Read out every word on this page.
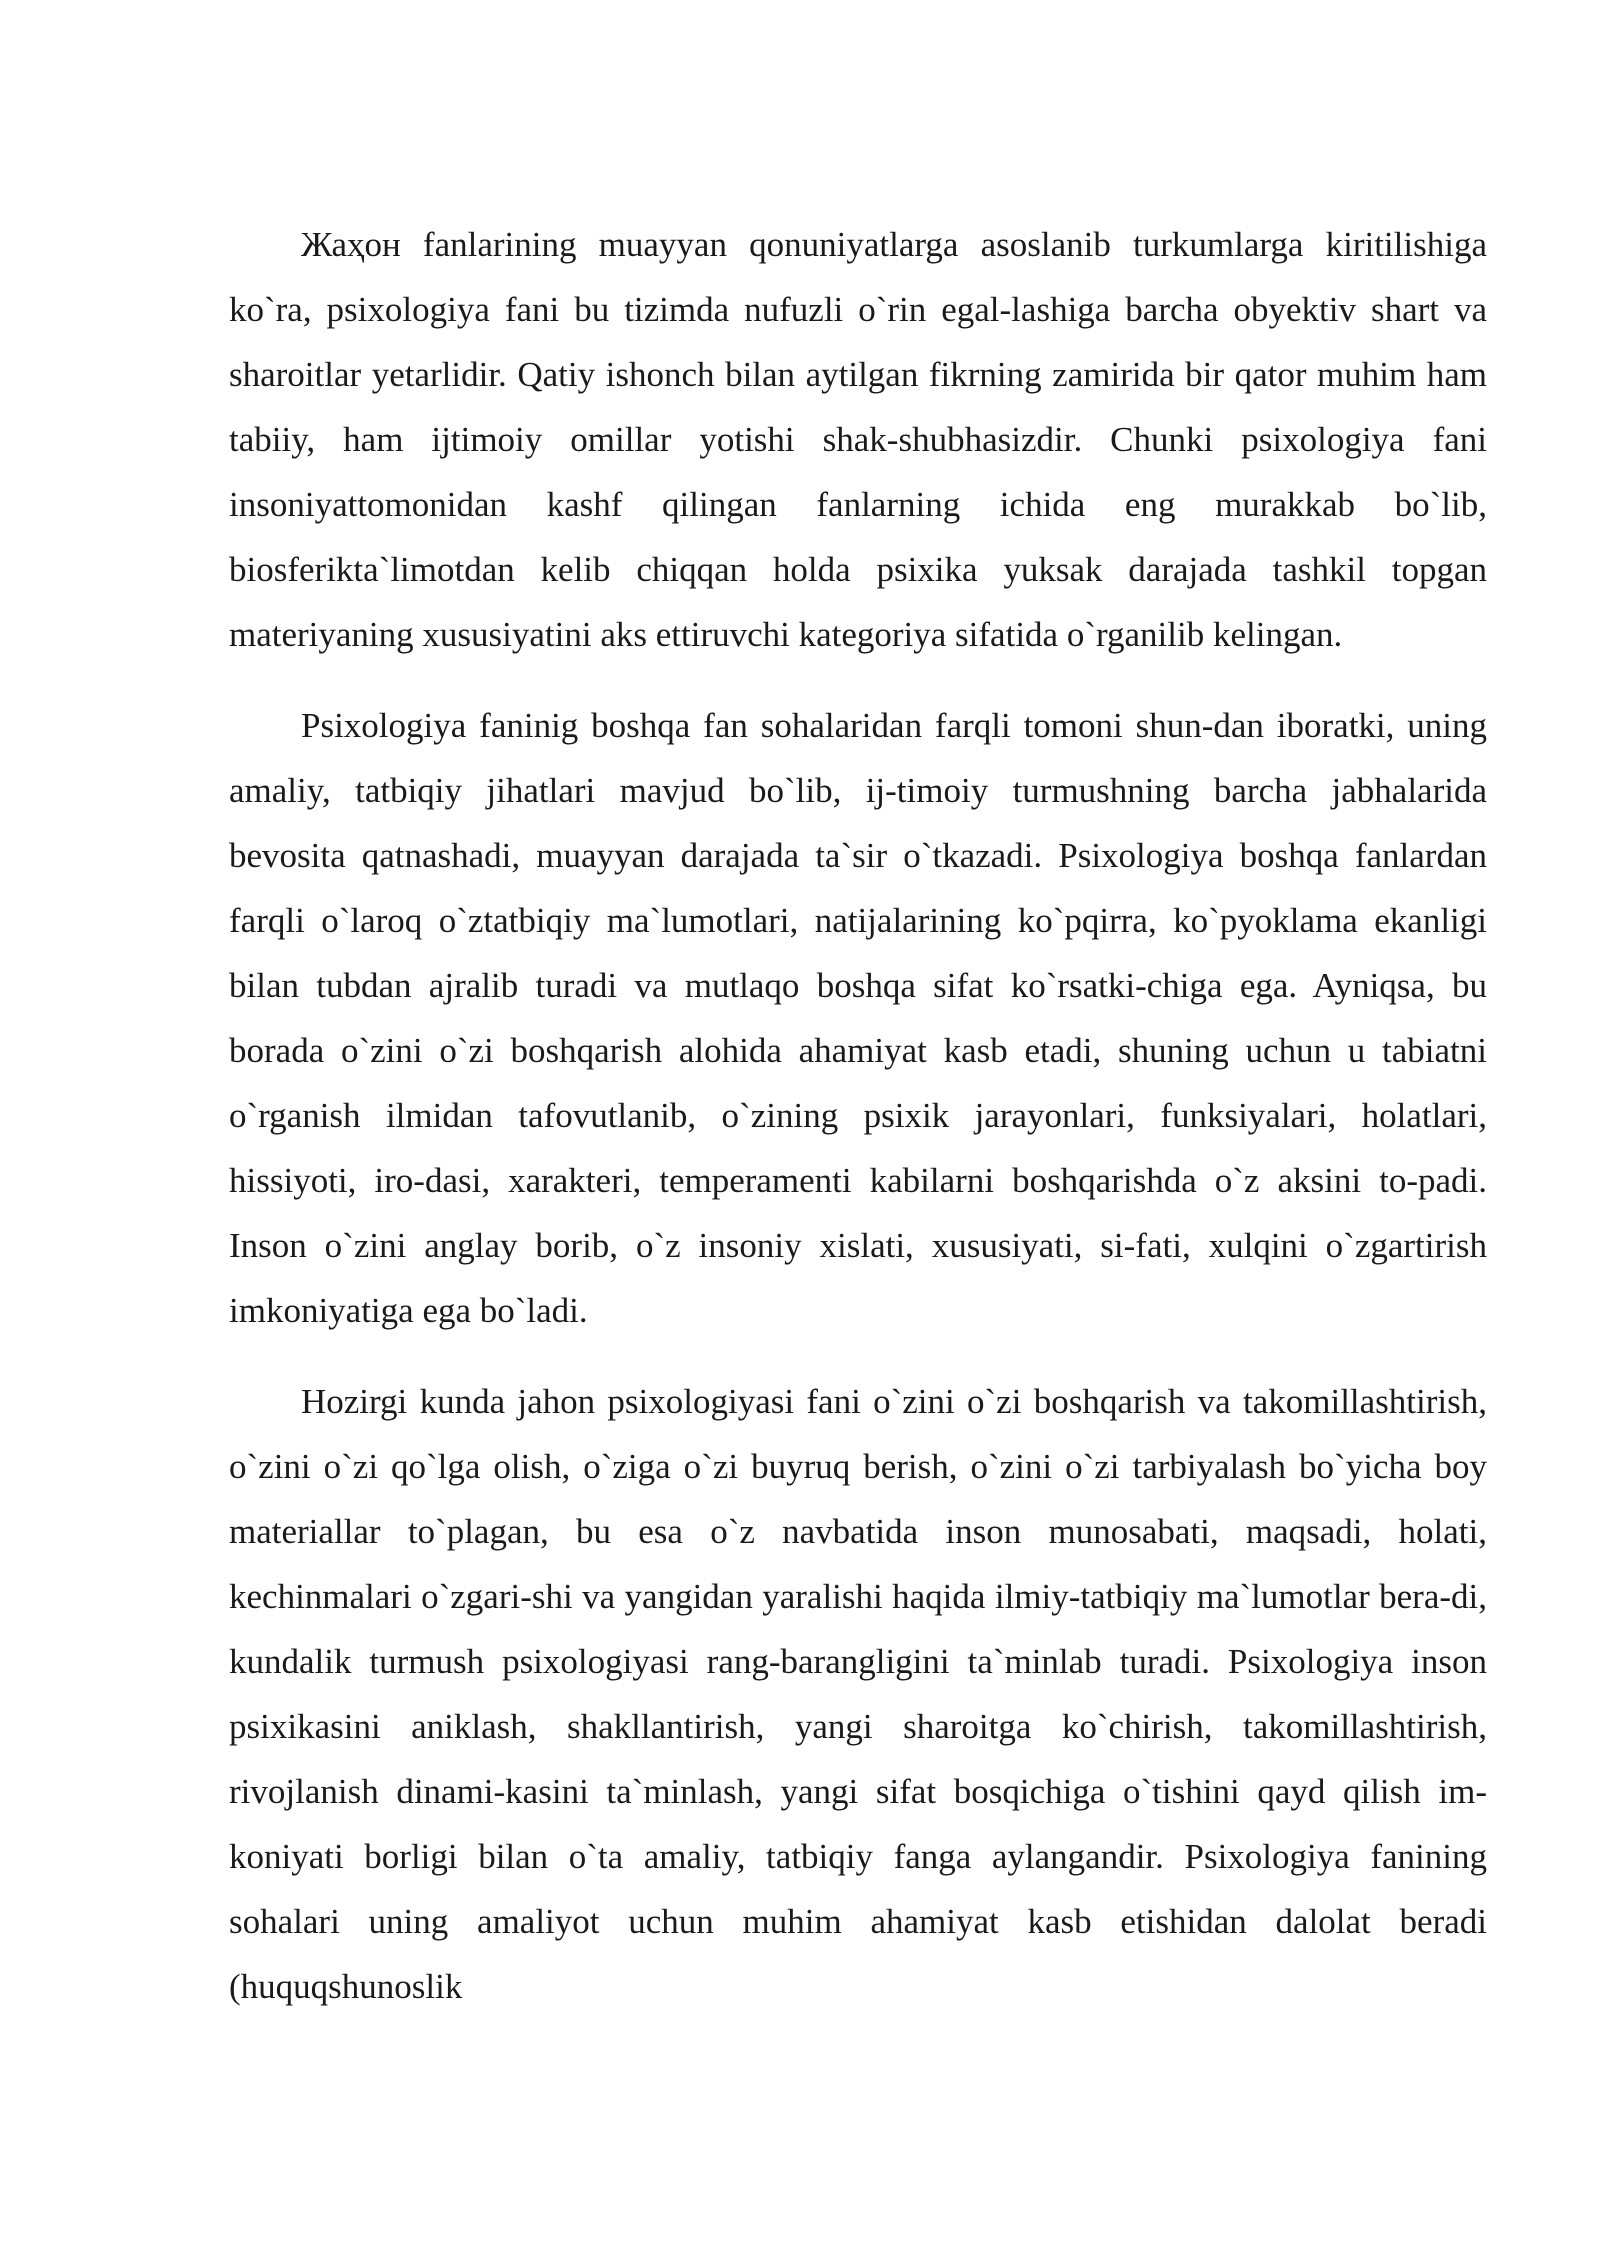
Жаҳон fanlarining muayyan qonuniyatlarga asoslanib turkumlarga kiritilishiga ko`ra, psixologiya fani bu tizimda nufuzli o`rin egal-lashiga barcha obyektiv shart va sharoitlar yetarlidir. Qatiy ishonch bilan aytilgan fikrning zamirida bir qator muhim ham tabiiy, ham ijtimoiy omillar yotishi shak-shubhasizdir. Chunki psixologiya fani insoniyattomonidan kashf qilingan fanlarning ichida eng murakkab bo`lib, biosferikta`limotdan kelib chiqqan holda psixika yuksak darajada tashkil topgan materiyaning xususiyatini aks ettiruvchi kategoriya sifatida o`rganilib kelingan.

Psixologiya faninig boshqa fan sohalaridan farqli tomoni shun-dan iboratki, uning amaliy, tatbiqiy jihatlari mavjud bo`lib, ij-timoiy turmushning barcha jabhalarida bevosita qatnashadi, muayyan darajada ta`sir o`tkazadi. Psixologiya boshqa fanlardan farqli o`laroq o`ztatbiqiy ma`lumotlari, natijalarining ko`pqirra, ko`pyoklama ekanligi bilan tubdan ajralib turadi va mutlaqo boshqa sifat ko`rsatki-chiga ega. Ayniqsa, bu borada o`zini o`zi boshqarish alohida ahamiyat kasb etadi, shuning uchun u tabiatni o`rganish ilmidan tafovutlanib, o`zining psixik jarayonlari, funksiyalari, holatlari, hissiyoti, iro-dasi, xarakteri, temperamenti kabilarni boshqarishda o`z aksini to-padi. Inson o`zini anglay borib, o`z insoniy xislati, xususiyati, si-fati, xulqini o`zgartirish imkoniyatiga ega bo`ladi.

Hozirgi kunda jahon psixologiyasi fani o`zini o`zi boshqarish va takomillashtirish, o`zini o`zi qo`lga olish, o`ziga o`zi buyruq berish, o`zini o`zi tarbiyalash bo`yicha boy materiallar to`plagan, bu esa o`z navbatida inson munosabati, maqsadi, holati, kechinmalari o`zgari-shi va yangidan yaralishi haqida ilmiy-tatbiqiy ma`lumotlar bera-di, kundalik turmush psixologiyasi rang-barangligini ta`minlab turadi. Psixologiya inson psixikasini aniklash, shakllantirish, yangi sharoitga ko`chirish, takomillashtirish, rivojlanish dinami-kasini ta`minlash, yangi sifat bosqichiga o`tishini qayd qilish im-koniyati borligi bilan o`ta amaliy, tatbiqiy fanga aylangandir. Psixologiya fanining sohalari uning amaliyot uchun muhim ahamiyat kasb etishidan dalolat beradi (huquqshunoslik
